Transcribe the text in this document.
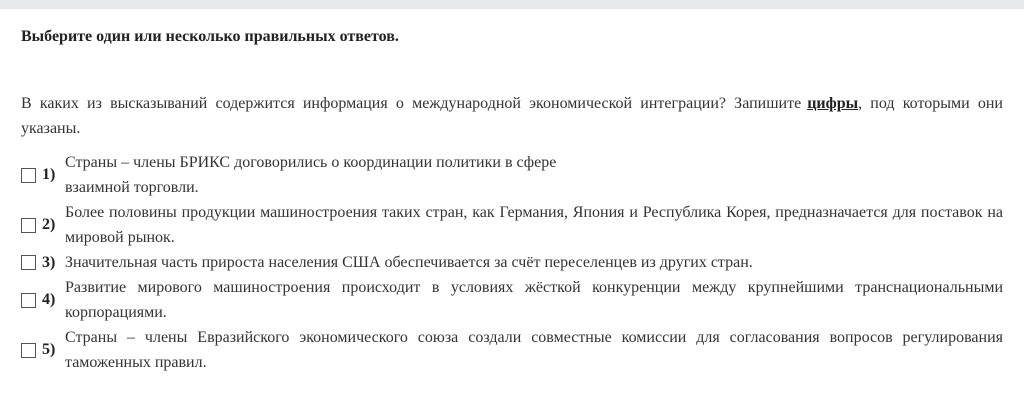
Выберите один или несколько правильных ответов.
В каких из высказываний содержится информация о международной экономической интеграции? Запишите цифры, под которыми они указаны.
1)
Страны – члены БРИКС договорились о координации политики в сфере взаимной торговли.
2)
Более половины продукции машиностроения таких стран, как Германия, Япония и Республика Корея, предназначается для поставок на мировой рынок.
3) Значительная часть прироста населения США обеспечивается за счёт переселенцев из других стран.
4)
Развитие мирового машиностроения происходит в условиях жёсткой конкуренции между крупнейшими транснациональными корпорациями.
5)
Страны – члены Евразийского экономического союза создали совместные комиссии для согласования вопросов регулирования таможенных правил.
